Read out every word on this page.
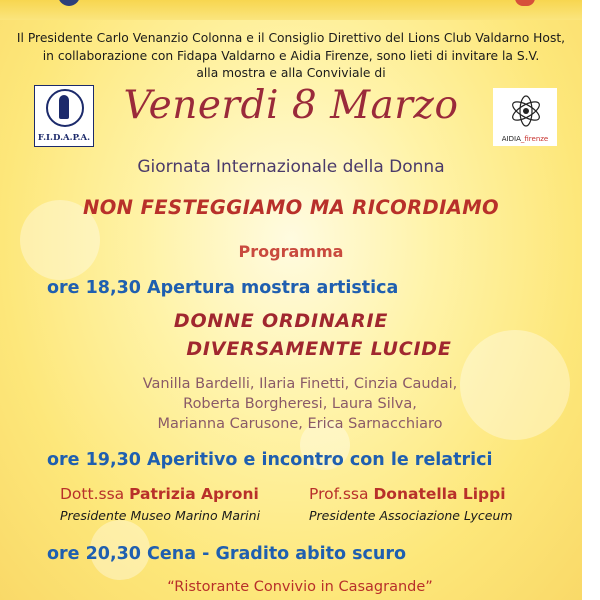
Il Presidente Carlo Venanzio Colonna e il Consiglio Direttivo del Lions Club Valdarno Host,
in collaborazione con Fidapa Valdarno e Aidia Firenze, sono lieti di invitare la S.V.
alla mostra e alla Conviviale di
F.I.D.A.P.A.
Venerdi 8 Marzo
AIDIA_firenze
Giornata Internazionale della Donna
NON FESTEGGIAMO MA RICORDIAMO
Programma
ore 18,30 Apertura mostra artistica
DONNE ORDINARIE
DIVERSAMENTE LUCIDE
Vanilla Bardelli, Ilaria Finetti, Cinzia Caudai,
Roberta Borgheresi, Laura Silva,
Marianna Carusone, Erica Sarnacchiaro
ore 19,30 Aperitivo e incontro con le relatrici
Dott.ssa Patrizia Aproni
Presidente Museo Marino Marini
Prof.ssa Donatella Lippi
Presidente Associazione Lyceum
ore 20,30 Cena - Gradito abito scuro
“Ristorante Convivio in Casagrande”
